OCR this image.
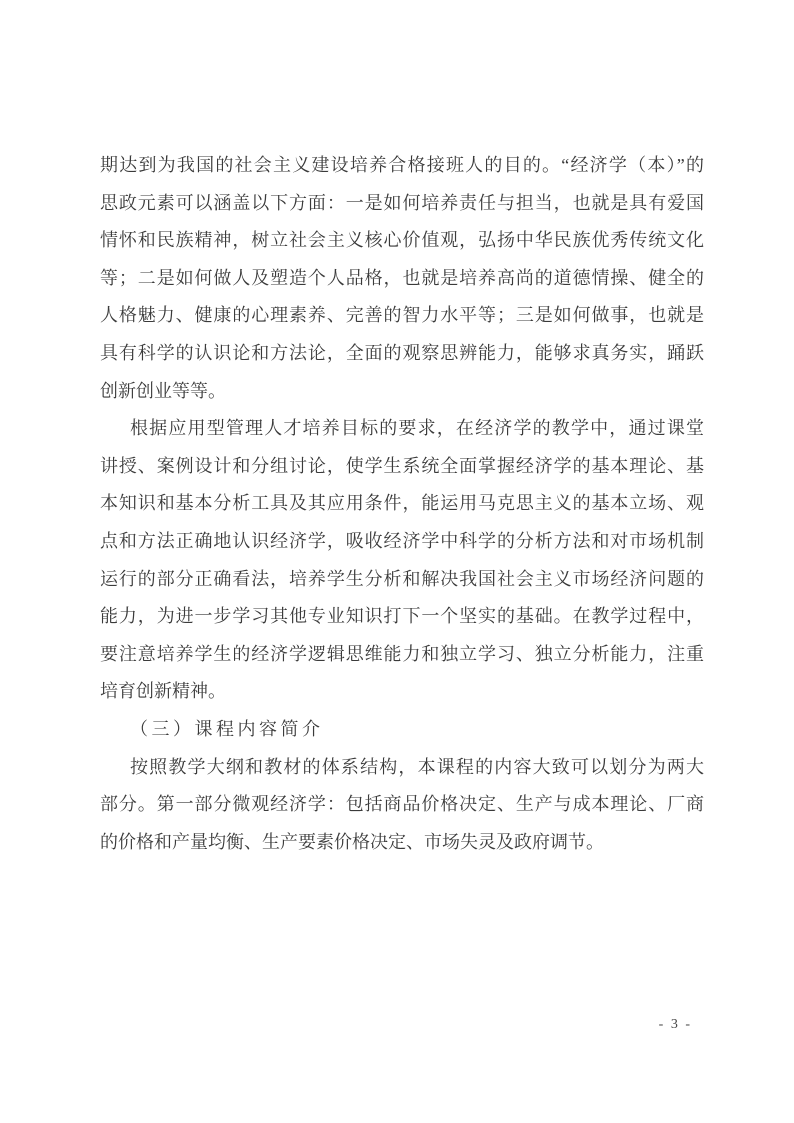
期达到为我国的社会主义建设培养合格接班人的目的。“经济学（本）”的
思政元素可以涵盖以下方面：一是如何培养责任与担当，也就是具有爱国
情怀和民族精神，树立社会主义核心价值观，弘扬中华民族优秀传统文化
等；二是如何做人及塑造个人品格，也就是培养高尚的道德情操、健全的
人格魅力、健康的心理素养、完善的智力水平等；三是如何做事，也就是
具有科学的认识论和方法论，全面的观察思辨能力，能够求真务实，踊跃
创新创业等等。
根据应用型管理人才培养目标的要求，在经济学的教学中，通过课堂
讲授、案例设计和分组讨论，使学生系统全面掌握经济学的基本理论、基
本知识和基本分析工具及其应用条件，能运用马克思主义的基本立场、观
点和方法正确地认识经济学，吸收经济学中科学的分析方法和对市场机制
运行的部分正确看法，培养学生分析和解决我国社会主义市场经济问题的
能力，为进一步学习其他专业知识打下一个坚实的基础。在教学过程中，
要注意培养学生的经济学逻辑思维能力和独立学习、独立分析能力，注重
培育创新精神。
（三）课程内容简介
按照教学大纲和教材的体系结构，本课程的内容大致可以划分为两大
部分。第一部分微观经济学：包括商品价格决定、生产与成本理论、厂商
的价格和产量均衡、生产要素价格决定、市场失灵及政府调节。
- 3 -
